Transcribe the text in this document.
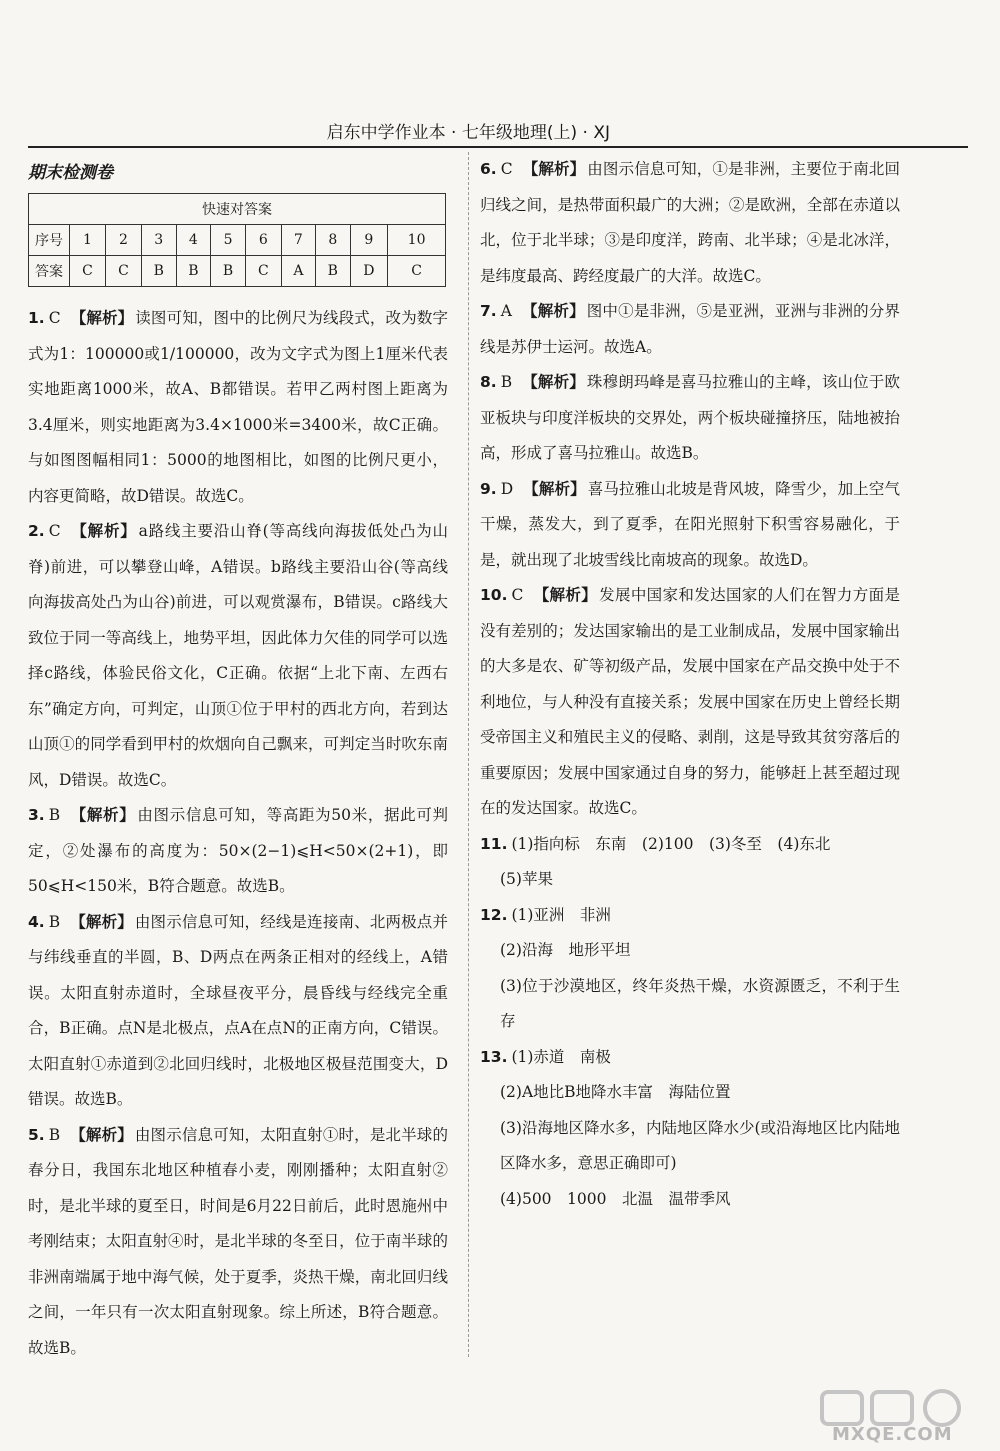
启东中学作业本 · 七年级地理(上) · XJ
期末检测卷
快速对答案										
序号	1	2	3	4	5	6	7	8	9	10
答案	C	C	B	B	B	C	A	B	D	C

1. C 【解析】 读图可知，图中的比例尺为线段式，改为数字式为1：100000或1/100000，改为文字式为图上1厘米代表实地距离1000米，故A、B都错误。若甲乙两村图上距离为3.4厘米，则实地距离为3.4×1000米=3400米，故C正确。与如图图幅相同1：5000的地图相比，如图的比例尺更小，内容更简略，故D错误。故选C。

2. C 【解析】 a路线主要沿山脊(等高线向海拔低处凸为山脊)前进，可以攀登山峰，A错误。b路线主要沿山谷(等高线向海拔高处凸为山谷)前进，可以观赏瀑布，B错误。c路线大致位于同一等高线上，地势平坦，因此体力欠佳的同学可以选择c路线，体验民俗文化，C正确。依据“上北下南、左西右东”确定方向，可判定，山顶①位于甲村的西北方向，若到达山顶①的同学看到甲村的炊烟向自己飘来，可判定当时吹东南风，D错误。故选C。

3. B 【解析】 由图示信息可知，等高距为50米，据此可判定，②处瀑布的高度为：50×(2−1)⩽H<50×(2+1)，即50⩽H<150米，B符合题意。故选B。

4. B 【解析】 由图示信息可知，经线是连接南、北两极点并与纬线垂直的半圆，B、D两点在两条正相对的经线上，A错误。太阳直射赤道时，全球昼夜平分，晨昏线与经线完全重合，B正确。点N是北极点，点A在点N的正南方向，C错误。太阳直射①赤道到②北回归线时，北极地区极昼范围变大，D错误。故选B。

5. B 【解析】 由图示信息可知，太阳直射①时，是北半球的春分日，我国东北地区种植春小麦，刚刚播种；太阳直射②时，是北半球的夏至日，时间是6月22日前后，此时恩施州中考刚结束；太阳直射④时，是北半球的冬至日，位于南半球的非洲南端属于地中海气候，处于夏季，炎热干燥，南北回归线之间，一年只有一次太阳直射现象。综上所述，B符合题意。故选B。

6. C 【解析】 由图示信息可知，①是非洲，主要位于南北回归线之间，是热带面积最广的大洲；②是欧洲，全部在赤道以北，位于北半球；③是印度洋，跨南、北半球；④是北冰洋，是纬度最高、跨经度最广的大洋。故选C。

7. A 【解析】 图中①是非洲，⑤是亚洲，亚洲与非洲的分界线是苏伊士运河。故选A。

8. B 【解析】 珠穆朗玛峰是喜马拉雅山的主峰，该山位于欧亚板块与印度洋板块的交界处，两个板块碰撞挤压，陆地被抬高，形成了喜马拉雅山。故选B。

9. D 【解析】 喜马拉雅山北坡是背风坡，降雪少，加上空气干燥，蒸发大，到了夏季，在阳光照射下积雪容易融化，于是，就出现了北坡雪线比南坡高的现象。故选D。

10. C 【解析】 发展中国家和发达国家的人们在智力方面是没有差别的；发达国家输出的是工业制成品，发展中国家输出的大多是农、矿等初级产品，发展中国家在产品交换中处于不利地位，与人种没有直接关系；发展中国家在历史上曾经长期受帝国主义和殖民主义的侵略、剥削，这是导致其贫穷落后的重要原因；发展中国家通过自身的努力，能够赶上甚至超过现在的发达国家。故选C。

11. (1)指向标　东南　(2)100　(3)冬至　(4)东北
(5)苹果

12. (1)亚洲　非洲
(2)沿海　地形平坦
(3)位于沙漠地区，终年炎热干燥，水资源匮乏，不利于生存

13. (1)赤道　南极
(2)A地比B地降水丰富　海陆位置
(3)沿海地区降水多，内陆地区降水少(或沿海地区比内陆地区降水多，意思正确即可)
(4)500　1000　北温　温带季风

MXQE.COM
